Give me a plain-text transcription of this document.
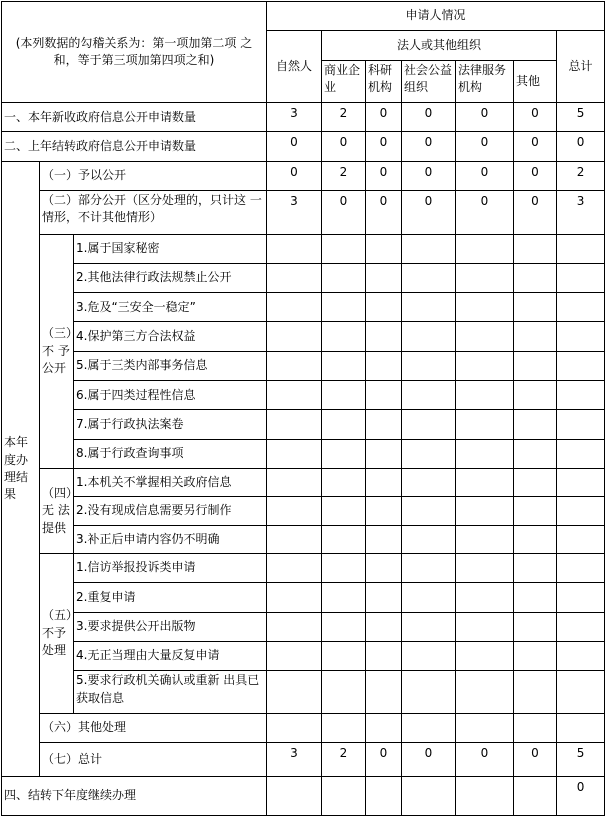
(本列数据的勾稽关系为：第一项加第二项 之和，等于第三项加第四项之和)			申请人情况						
			自然人	法人或其他组织					总计
				商业企业	科研机构	社会公益组织	法律服务机构	其他	
一、本年新收政府信息公开申请数量			3	2	0	0	0	0	5
二、上年结转政府信息公开申请数量			0	0	0	0	0	0	0
本年度办理结果	（一）予以公开		0	2	0	0	0	0	2
	（二）部分公开（区分处理的，只计这 一情形，不计其他情形）		3	0	0	0	0	0	3
	（三）不 予公开	1.属于国家秘密							
		2.其他法律行政法规禁止公开							
		3.危及“三安全一稳定”							
		4.保护第三方合法权益							
		5.属于三类内部事务信息							
		6.属于四类过程性信息							
		7.属于行政执法案卷							
		8.属于行政查询事项							
	（四）无 法提供	1.本机关不掌握相关政府信息							
		2.没有现成信息需要另行制作							
		3.补正后申请内容仍不明确							
	（五）不予处理	1.信访举报投诉类申请							
		2.重复申请							
		3.要求提供公开出版物							
		4.无正当理由大量反复申请							
		5.要求行政机关确认或重新 出具已获取信息							
	（六）其他处理								
	（七）总计		3	2	0	0	0	0	5
四、结转下年度继续办理									0
